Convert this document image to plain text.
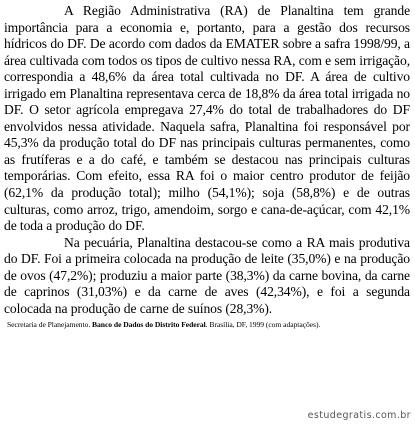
A Região Administrativa (RA) de Planaltina tem grande importância para a economia e, portanto, para a gestão dos recursos hídricos do DF. De acordo com dados da EMATER sobre a safra 1998/99, a área cultivada com todos os tipos de cultivo nessa RA, com e sem irrigação, correspondia a 48,6% da área total cultivada no DF. A área de cultivo irrigado em Planaltina representava cerca de 18,8% da área total irrigada no DF. O setor agrícola empregava 27,4% do total de trabalhadores do DF envolvidos nessa atividade. Naquela safra, Planaltina foi responsável por 45,3% da produção total do DF nas principais culturas permanentes, como as frutíferas e a do café, e também se destacou nas principais culturas temporárias. Com efeito, essa RA foi o maior centro produtor de feijão (62,1% da produção total); milho (54,1%); soja (58,8%) e de outras culturas, como arroz, trigo, amendoim, sorgo e cana-de-açúcar, com 42,1% de toda a produção do DF.

Na pecuária, Planaltina destacou-se como a RA mais produtiva do DF. Foi a primeira colocada na produção de leite (35,0%) e na produção de ovos (47,2%); produziu a maior parte (38,3%) da carne bovina, da carne de caprinos (31,03%) e da carne de aves (42,34%), e foi a segunda colocada na produção de carne de suínos (28,3%).

Secretaria de Planejamento. Banco de Dados do Distrito Federal. Brasília, DF, 1999 (com adaptações).
estudegratis.com.br
